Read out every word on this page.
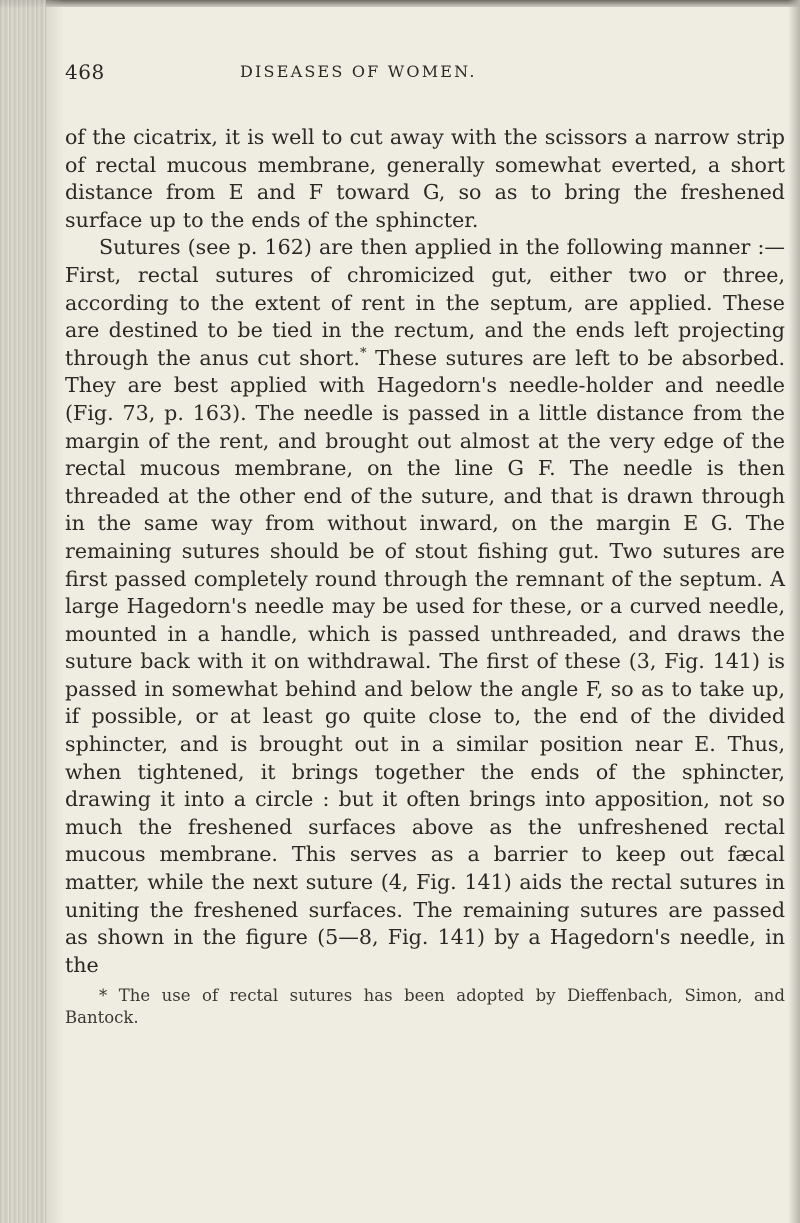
468	DISEASES OF WOMEN.

of the cicatrix, it is well to cut away with the scissors a narrow strip of rectal mucous membrane, generally somewhat everted, a short distance from E and F toward G, so as to bring the freshened surface up to the ends of the sphincter.

Sutures (see p. 162) are then applied in the following manner :—First, rectal sutures of chromicized gut, either two or three, according to the extent of rent in the septum, are applied. These are destined to be tied in the rectum, and the ends left projecting through the anus cut short.* These sutures are left to be absorbed. They are best applied with Hagedorn's needle-holder and needle (Fig. 73, p. 163). The needle is passed in a little distance from the margin of the rent, and brought out almost at the very edge of the rectal mucous membrane, on the line G F. The needle is then threaded at the other end of the suture, and that is drawn through in the same way from without inward, on the margin E G. The remaining sutures should be of stout fishing gut. Two sutures are first passed completely round through the remnant of the septum. A large Hagedorn's needle may be used for these, or a curved needle, mounted in a handle, which is passed unthreaded, and draws the suture back with it on withdrawal. The first of these (3, Fig. 141) is passed in somewhat behind and below the angle F, so as to take up, if possible, or at least go quite close to, the end of the divided sphincter, and is brought out in a similar position near E. Thus, when tightened, it brings together the ends of the sphincter, drawing it into a circle : but it often brings into apposition, not so much the freshened surfaces above as the unfreshened rectal mucous membrane. This serves as a barrier to keep out fæcal matter, while the next suture (4, Fig. 141) aids the rectal sutures in uniting the freshened surfaces. The remaining sutures are passed as shown in the figure (5—8, Fig. 141) by a Hagedorn's needle, in the

* The use of rectal sutures has been adopted by Dieffenbach, Simon, and Bantock.
